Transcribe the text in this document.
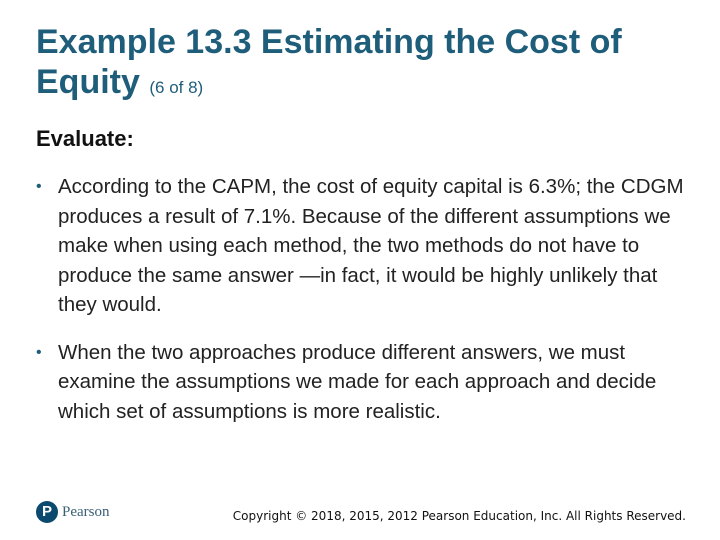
Example 13.3 Estimating the Cost of Equity (6 of 8)
Evaluate:
• According to the CAPM, the cost of equity capital is 6.3%; the CDGM produces a result of 7.1%. Because of the different assumptions we make when using each method, the two methods do not have to produce the same answer —in fact, it would be highly unlikely that they would.
• When the two approaches produce different answers, we must examine the assumptions we made for each approach and decide which set of assumptions is more realistic.
P Pearson	Copyright © 2018, 2015, 2012 Pearson Education, Inc. All Rights Reserved.
